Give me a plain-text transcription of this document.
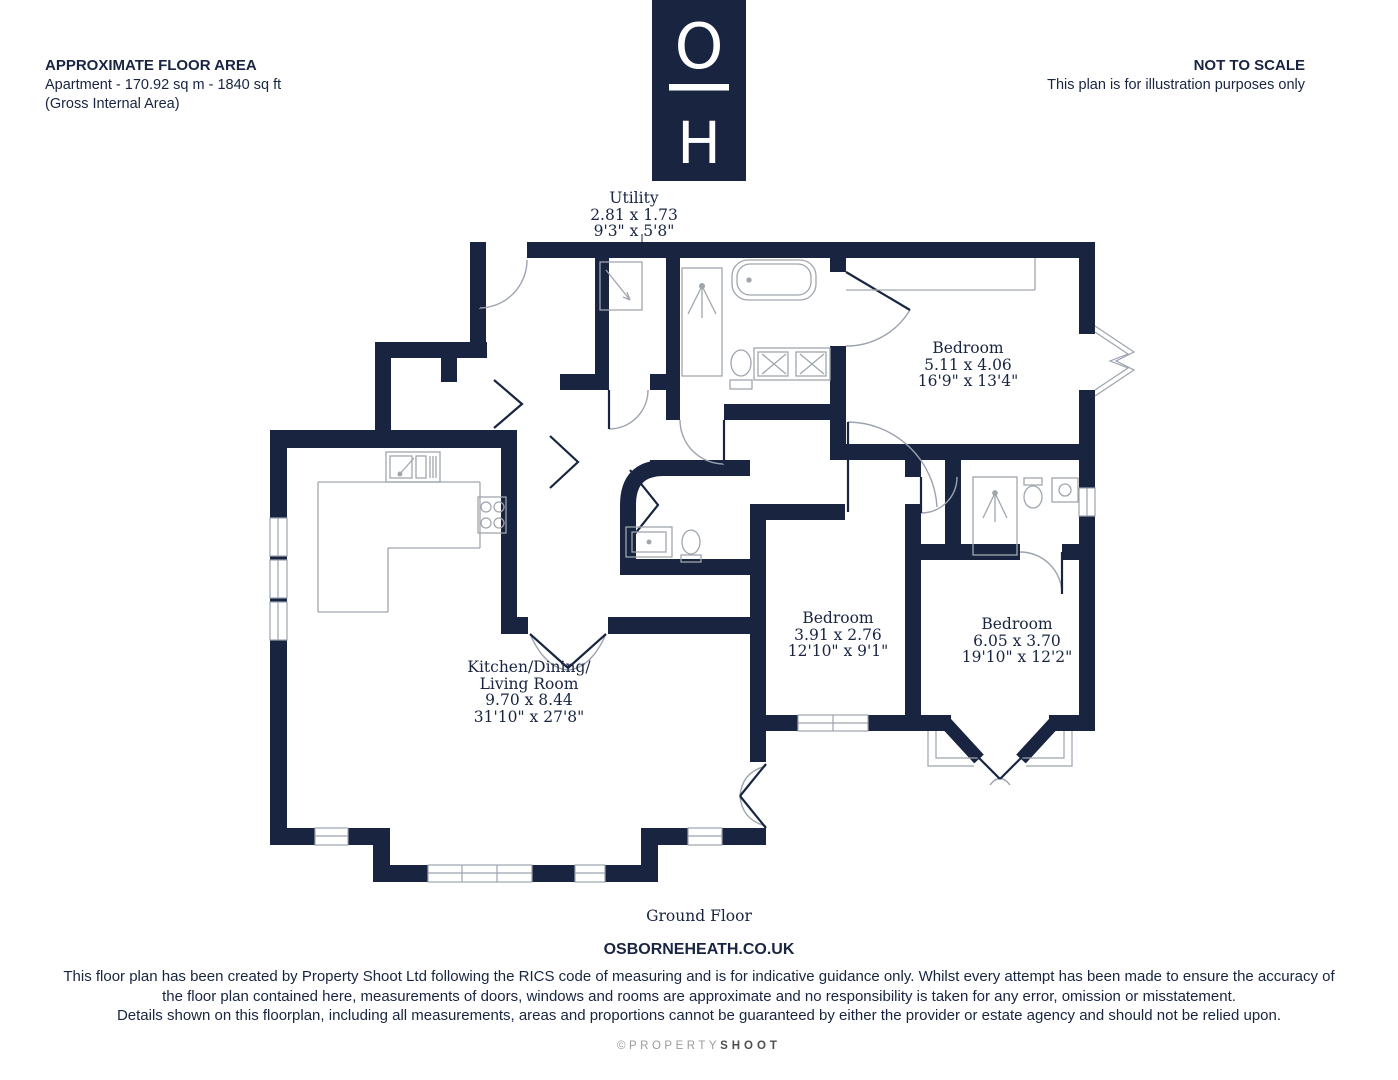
APPROXIMATE FLOOR AREA
Apartment - 170.92 sq m - 1840 sq ft
(Gross Internal Area)
O
H
NOT TO SCALE
This plan is for illustration purposes only
Utility
2.81 x 1.73
9'3" x 5'8"
Bedroom
5.11 x 4.06
16'9" x 13'4"
Bedroom
3.91 x 2.76
12'10" x 9'1"
Bedroom
6.05 x 3.70
19'10" x 12'2"
Kitchen/Dining/
Living Room
9.70 x 8.44
31'10" x 27'8"
Ground Floor
OSBORNEHEATH.CO.UK
This floor plan has been created by Property Shoot Ltd following the RICS code of measuring and is for indicative guidance only. Whilst every attempt has been made to ensure the accuracy of
the floor plan contained here, measurements of doors, windows and rooms are approximate and no responsibility is taken for any error, omission or misstatement.
Details shown on this floorplan, including all measurements, areas and proportions cannot be guaranteed by either the provider or estate agency and should not be relied upon.
©PROPERTYSHOOT
